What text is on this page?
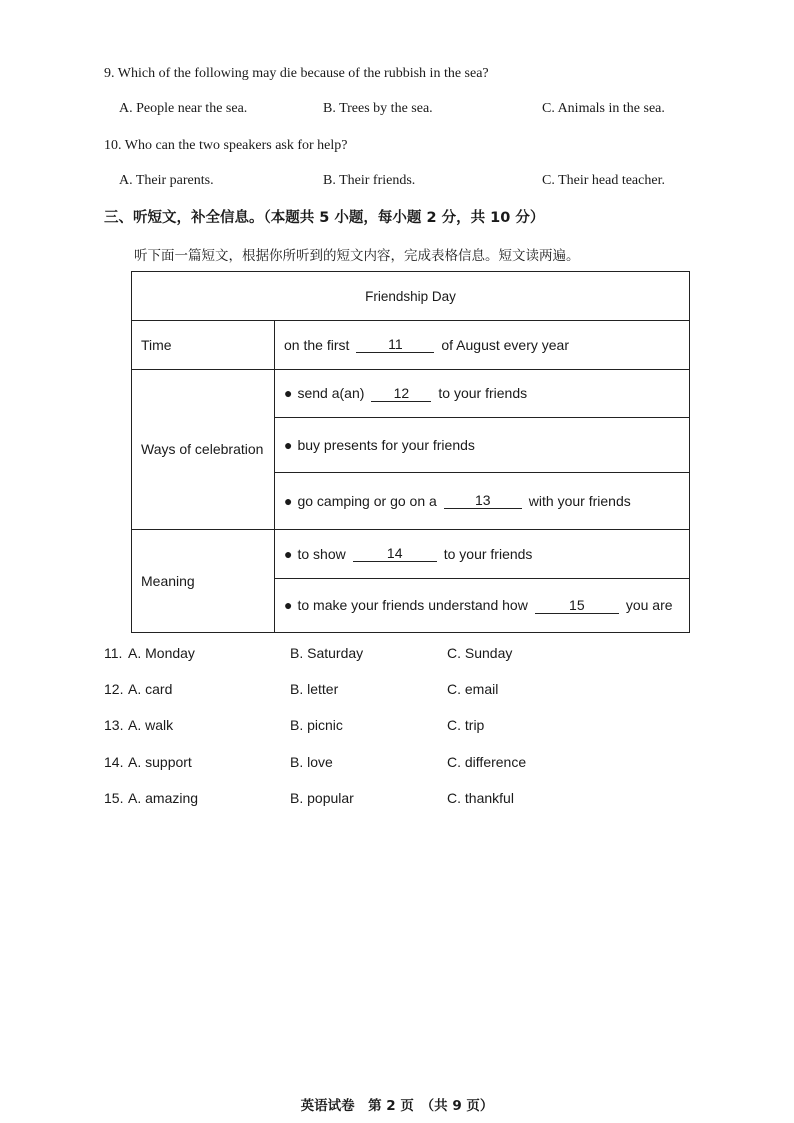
9. Which of the following may die because of the rubbish in the sea?
A. People near the sea.	B. Trees by the sea.	C. Animals in the sea.
10. Who can the two speakers ask for help?
A. Their parents.	B. Their friends.	C. Their head teacher.
三、听短文，补全信息。（本题共 5 小题，每小题 2 分，共 10 分）
听下面一篇短文，根据你所听到的短文内容，完成表格信息。短文读两遍。
Friendship Day
Time	on the first	11	of August every year
Ways of celebration
● send a(an)	12	to your friends
● buy presents for your friends
● go camping or go on a	13	with your friends
Meaning
● to show	14	to your friends
● to make your friends understand how	15	you are
11. A. Monday	B. Saturday	C. Sunday
12. A. card	B. letter	C. email
13. A. walk	B. picnic	C. trip
14. A. support	B. love	C. difference
15. A. amazing	B. popular	C. thankful
英语试卷　第 2 页　（共 9 页）
